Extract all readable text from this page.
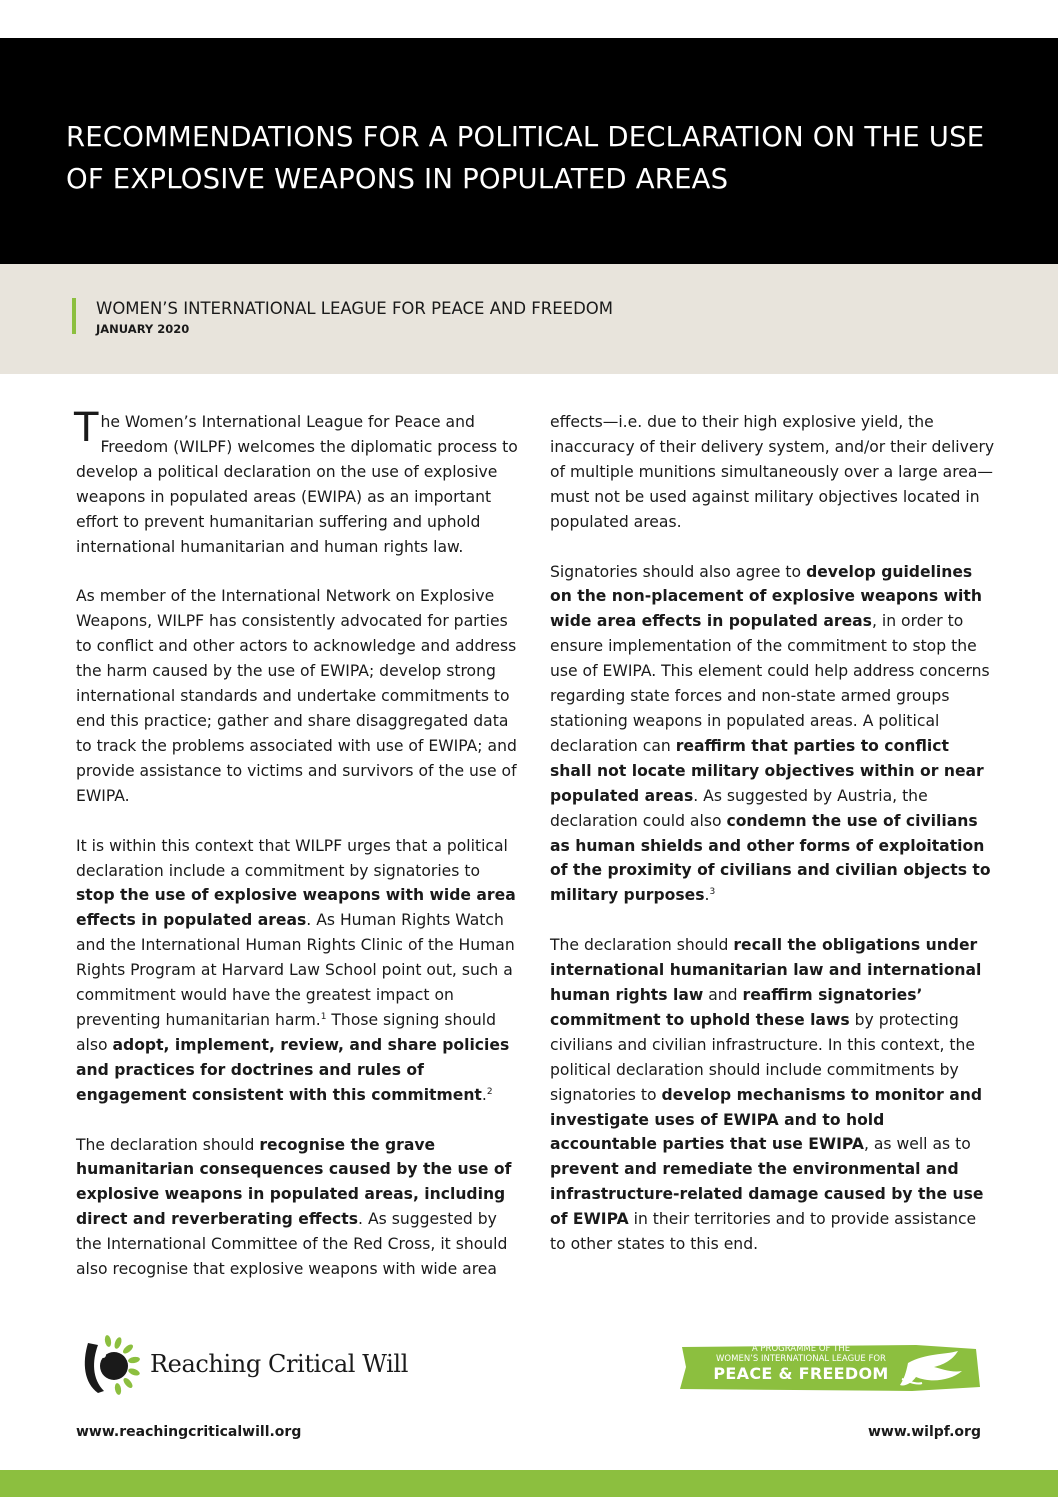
RECOMMENDATIONS FOR A POLITICAL DECLARATION ON THE USE OF EXPLOSIVE WEAPONS IN POPULATED AREAS
WOMEN’S INTERNATIONAL LEAGUE FOR PEACE AND FREEDOM
JANUARY 2020

The Women’s International League for Peace and Freedom (WILPF) welcomes the diplomatic process to develop a political declaration on the use of explosive weapons in populated areas (EWIPA) as an important effort to prevent humanitarian suffering and uphold international humanitarian and human rights law.

As member of the International Network on Explosive Weapons, WILPF has consistently advocated for parties to conflict and other actors to acknowledge and address the harm caused by the use of EWIPA; develop strong international standards and undertake commitments to end this practice; gather and share disaggregated data to track the problems associated with use of EWIPA; and provide assistance to victims and survivors of the use of EWIPA.

It is within this context that WILPF urges that a political declaration include a commitment by signatories to stop the use of explosive weapons with wide area effects in populated areas. As Human Rights Watch and the International Human Rights Clinic of the Human Rights Program at Harvard Law School point out, such a commitment would have the greatest impact on preventing humanitarian harm.$^1$ Those signing should also adopt, implement, review, and share policies and practices for doctrines and rules of engagement consistent with this commitment.$^2$

The declaration should recognise the grave humanitarian consequences caused by the use of explosive weapons in populated areas, including direct and reverberating effects. As suggested by the International Committee of the Red Cross, it should also recognise that explosive weapons with wide area

effects—i.e. due to their high explosive yield, the inaccuracy of their delivery system, and/or their delivery of multiple munitions simultaneously over a large area—must not be used against military objectives located in populated areas.

Signatories should also agree to develop guidelines on the non-placement of explosive weapons with wide area effects in populated areas, in order to ensure implementation of the commitment to stop the use of EWIPA. This element could help address concerns regarding state forces and non-state armed groups stationing weapons in populated areas. A political declaration can reaffirm that parties to conflict shall not locate military objectives within or near populated areas. As suggested by Austria, the declaration could also condemn the use of civilians as human shields and other forms of exploitation of the proximity of civilians and civilian objects to military purposes.$^3$

The declaration should recall the obligations under international humanitarian law and international human rights law and reaffirm signatories’ commitment to uphold these laws by protecting civilians and civilian infrastructure. In this context, the political declaration should include commitments by signatories to develop mechanisms to monitor and investigate uses of EWIPA and to hold accountable parties that use EWIPA, as well as to prevent and remediate the environmental and infrastructure-related damage caused by the use of EWIPA in their territories and to provide assistance to other states to this end.

Reaching Critical Will
www.reachingcriticalwill.org
A PROGRAMME OF THE
WOMEN’S INTERNATIONAL LEAGUE FOR
PEACE & FREEDOM
www.wilpf.org
